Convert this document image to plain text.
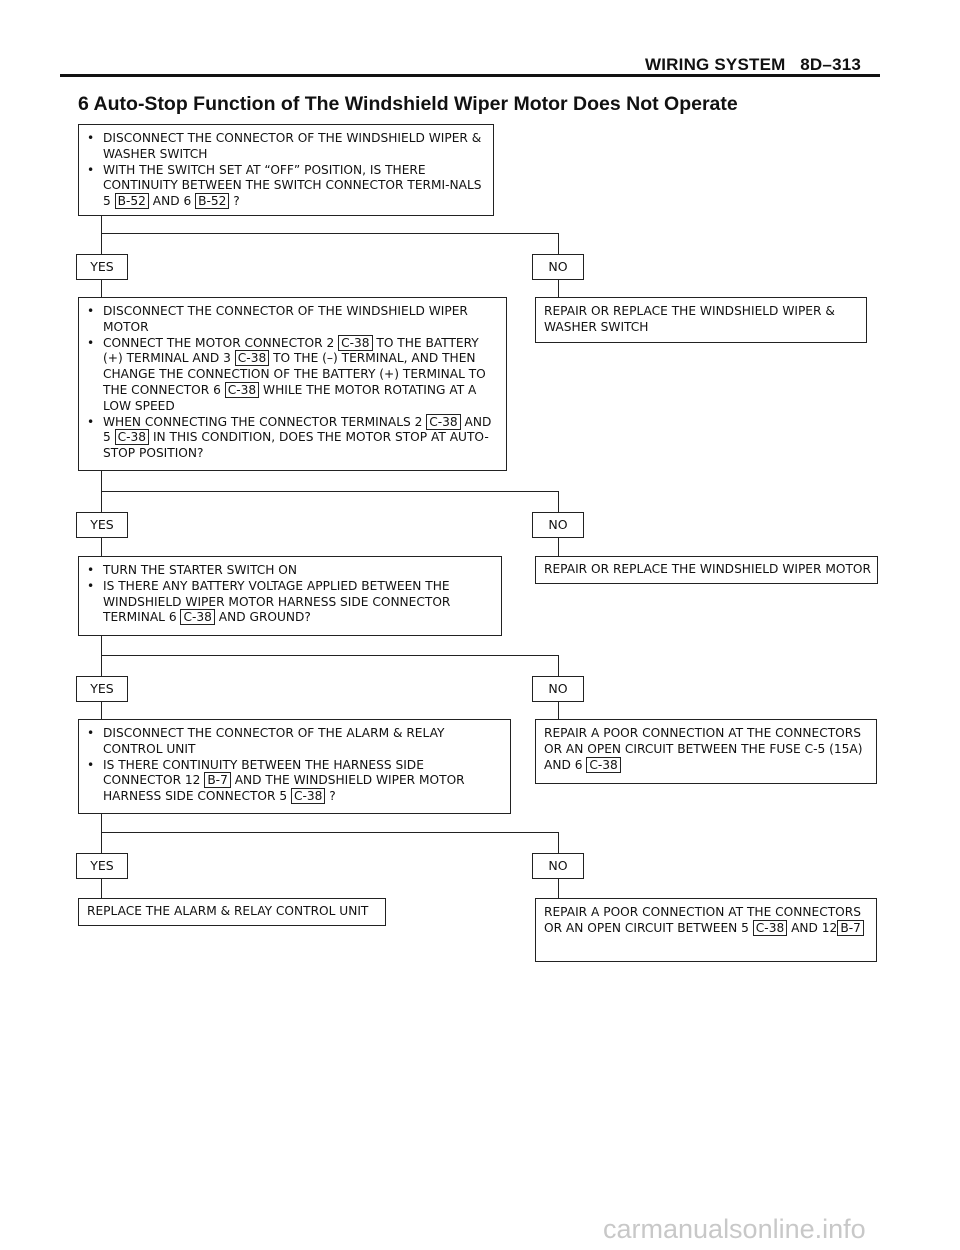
WIRING SYSTEM 8D–313
6 Auto-Stop Function of The Windshield Wiper Motor Does Not Operate
• DISCONNECT THE CONNECTOR OF THE WINDSHIELD WIPER & WASHER SWITCH
• WITH THE SWITCH SET AT “OFF” POSITION, IS THERE CONTINUITY BETWEEN THE SWITCH CONNECTOR TERMI-NALS 5 B-52 AND 6 B-52 ?
YES	NO
REPAIR OR REPLACE THE WINDSHIELD WIPER & WASHER SWITCH
• DISCONNECT THE CONNECTOR OF THE WINDSHIELD WIPER MOTOR
• CONNECT THE MOTOR CONNECTOR 2 C-38 TO THE BATTERY (+) TERMINAL AND 3 C-38 TO THE (–) TERMINAL, AND THEN CHANGE THE CONNECTION OF THE BATTERY (+) TERMINAL TO THE CONNECTOR 6 C-38 WHILE THE MOTOR ROTATING AT A LOW SPEED
• WHEN CONNECTING THE CONNECTOR TERMINALS 2 C-38 AND 5 C-38 IN THIS CONDITION, DOES THE MOTOR STOP AT AUTO-STOP POSITION?
YES	NO
REPAIR OR REPLACE THE WINDSHIELD WIPER MOTOR
• TURN THE STARTER SWITCH ON
• IS THERE ANY BATTERY VOLTAGE APPLIED BETWEEN THE WINDSHIELD WIPER MOTOR HARNESS SIDE CONNECTOR TERMINAL 6 C-38 AND GROUND?
YES	NO
REPAIR A POOR CONNECTION AT THE CONNECTORS OR AN OPEN CIRCUIT BETWEEN THE FUSE C-5 (15A) AND 6 C-38
• DISCONNECT THE CONNECTOR OF THE ALARM & RELAY CONTROL UNIT
• IS THERE CONTINUITY BETWEEN THE HARNESS SIDE CONNECTOR 12 B-7 AND THE WINDSHIELD WIPER MOTOR HARNESS SIDE CONNECTOR 5 C-38 ?
YES	NO
REPLACE THE ALARM & RELAY CONTROL UNIT	REPAIR A POOR CONNECTION AT THE CONNECTORS OR AN OPEN CIRCUIT BETWEEN 5 C-38 AND 12 B-7
carmanualsonline.info
